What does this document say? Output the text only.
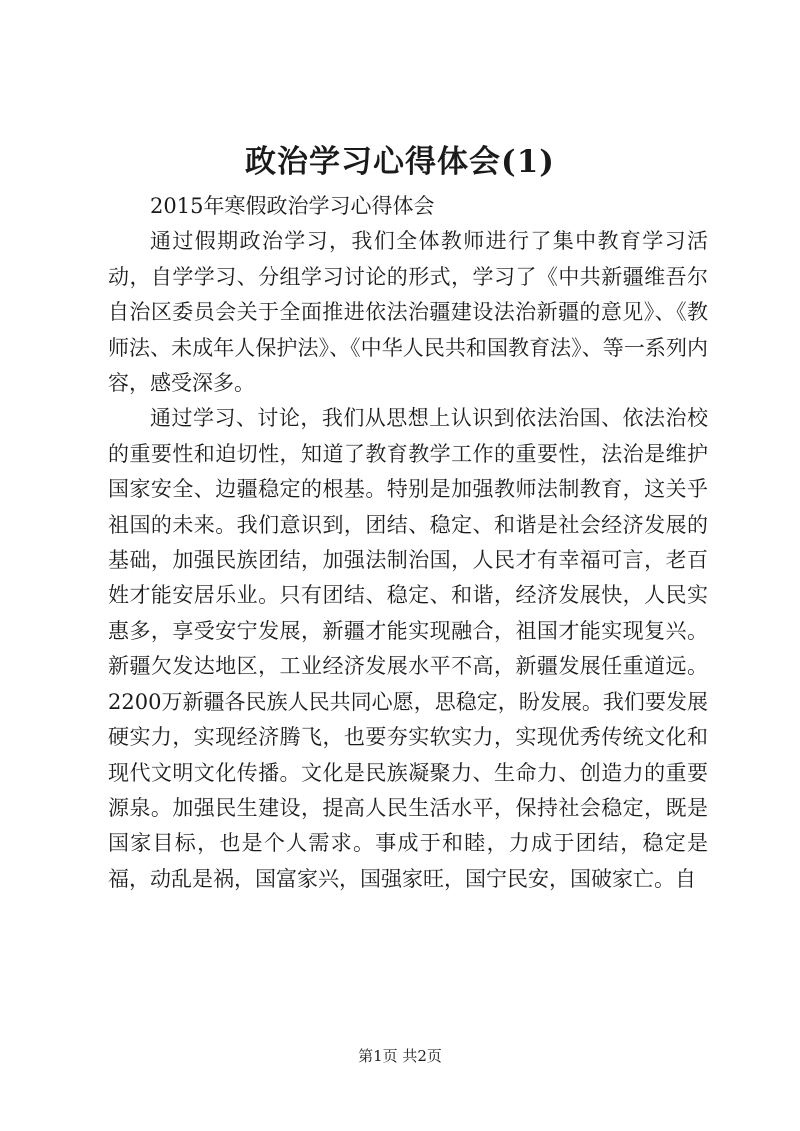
政治学习心得体会(1)

2015年寒假政治学习心得体会

通过假期政治学习，我们全体教师进行了集中教育学习活动，自学学习、分组学习讨论的形式，学习了《中共新疆维吾尔自治区委员会关于全面推进依法治疆建设法治新疆的意见》、《教师法、未成年人保护法》、《中华人民共和国教育法》、等一系列内容，感受深多。

通过学习、讨论，我们从思想上认识到依法治国、依法治校的重要性和迫切性，知道了教育教学工作的重要性，法治是维护国家安全、边疆稳定的根基。特别是加强教师法制教育，这关乎祖国的未来。我们意识到，团结、稳定、和谐是社会经济发展的基础，加强民族团结，加强法制治国，人民才有幸福可言，老百姓才能安居乐业。只有团结、稳定、和谐，经济发展快，人民实惠多，享受安宁发展，新疆才能实现融合，祖国才能实现复兴。新疆欠发达地区，工业经济发展水平不高，新疆发展任重道远。2200万新疆各民族人民共同心愿，思稳定，盼发展。我们要发展硬实力，实现经济腾飞，也要夯实软实力，实现优秀传统文化和现代文明文化传播。文化是民族凝聚力、生命力、创造力的重要源泉。加强民生建设，提高人民生活水平，保持社会稳定，既是国家目标，也是个人需求。事成于和睦，力成于团结，稳定是福，动乱是祸，国富家兴，国强家旺，国宁民安，国破家亡。自

第1页 共2页
